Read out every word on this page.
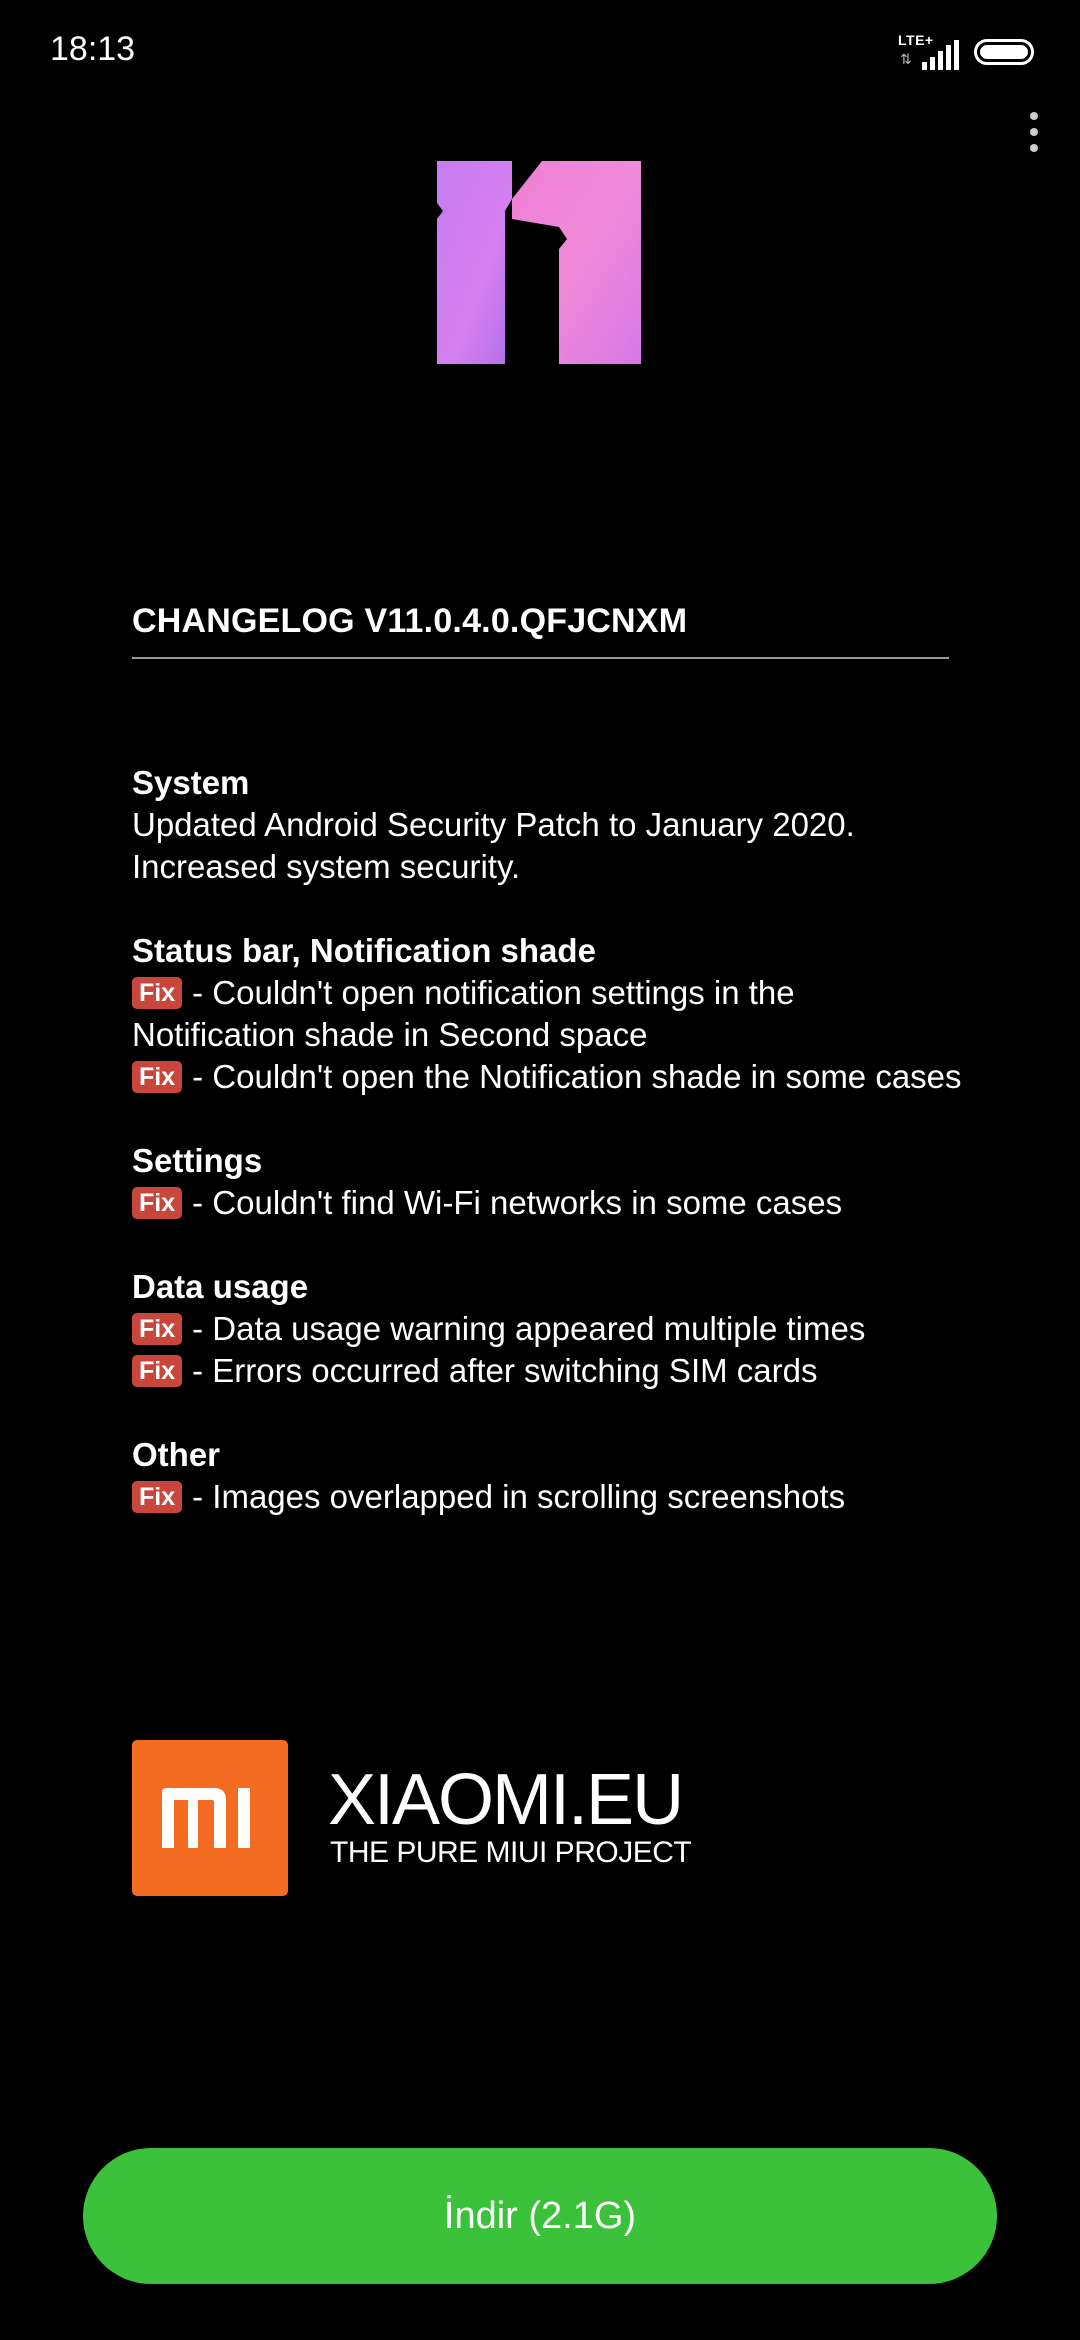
18:13	LTE+
⇅
CHANGELOG V11.0.4.0.QFJCNXM
System
Updated Android Security Patch to January 2020.
Increased system security.
Status bar, Notification shade
Fix - Couldn't open notification settings in the Notification shade in Second space
Fix - Couldn't open the Notification shade in some cases
Settings
Fix - Couldn't find Wi-Fi networks in some cases
Data usage
Fix - Data usage warning appeared multiple times
Fix - Errors occurred after switching SIM cards
Other
Fix - Images overlapped in scrolling screenshots
XIAOMI.EU
THE PURE MIUI PROJECT
İndir (2.1G)
